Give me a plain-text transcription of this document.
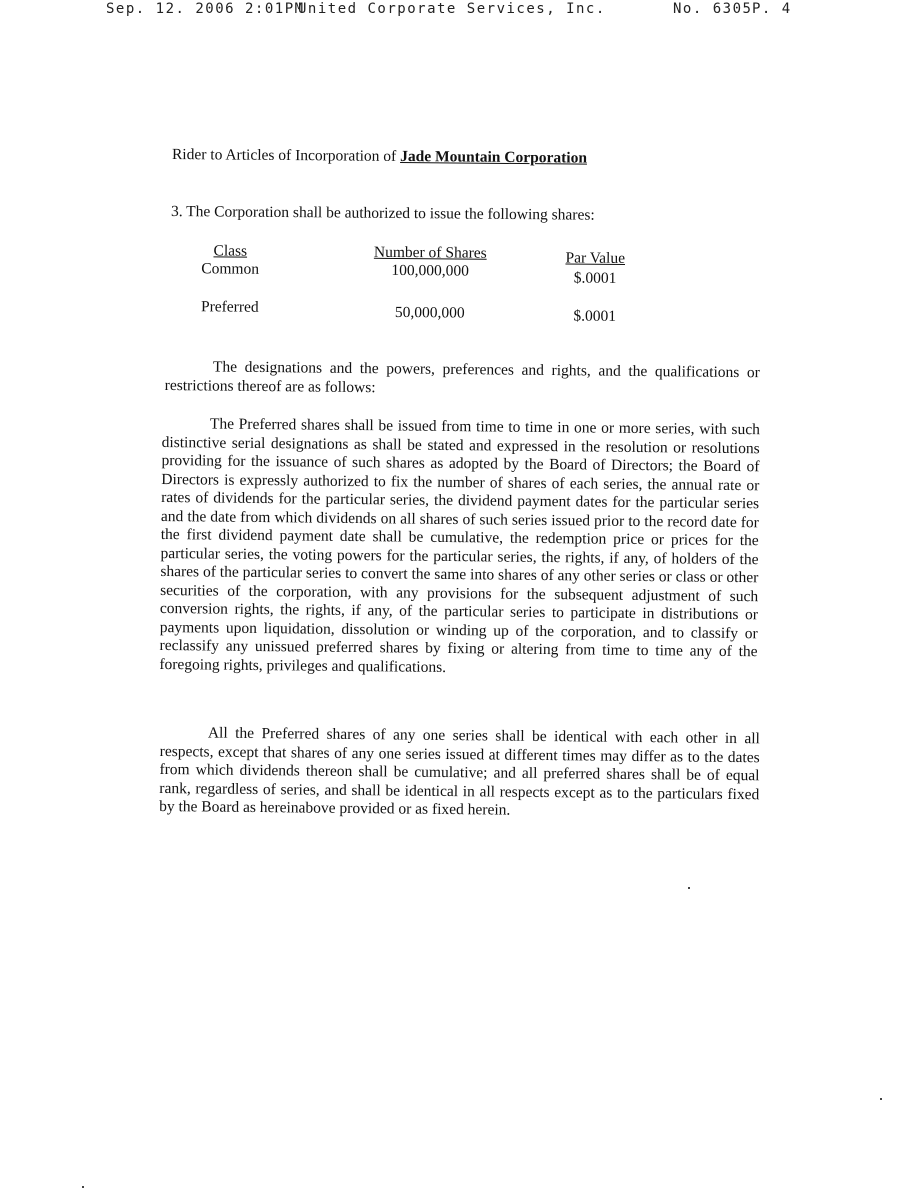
Sep. 12. 2006 2:01PM
United Corporate Services, Inc.	No. 6305 P. 4
Rider to Articles of Incorporation of Jade Mountain Corporation
3. The Corporation shall be authorized to issue the following shares:
Class	Number of Shares	Par Value
Common	100,000,000	$.0001
Preferred	50,000,000	$.0001
The designations and the powers, preferences and rights, and the qualifications or restrictions thereof are as follows:
The Preferred shares shall be issued from time to time in one or more series, with such distinctive serial designations as shall be stated and expressed in the resolution or resolutions providing for the issuance of such shares as adopted by the Board of Directors; the Board of Directors is expressly authorized to fix the number of shares of each series, the annual rate or rates of dividends for the particular series, the dividend payment dates for the particular series and the date from which dividends on all shares of such series issued prior to the record date for the first dividend payment date shall be cumulative, the redemption price or prices for the particular series, the voting powers for the particular series, the rights, if any, of holders of the shares of the particular series to convert the same into shares of any other series or class or other securities of the corporation, with any provisions for the subsequent adjustment of such conversion rights, the rights, if any, of the particular series to participate in distributions or payments upon liquidation, dissolution or winding up of the corporation, and to classify or reclassify any unissued preferred shares by fixing or altering from time to time any of the foregoing rights, privileges and qualifications.
All the Preferred shares of any one series shall be identical with each other in all respects, except that shares of any one series issued at different times may differ as to the dates from which dividends thereon shall be cumulative; and all preferred shares shall be of equal rank, regardless of series, and shall be identical in all respects except as to the particulars fixed by the Board as hereinabove provided or as fixed herein.
